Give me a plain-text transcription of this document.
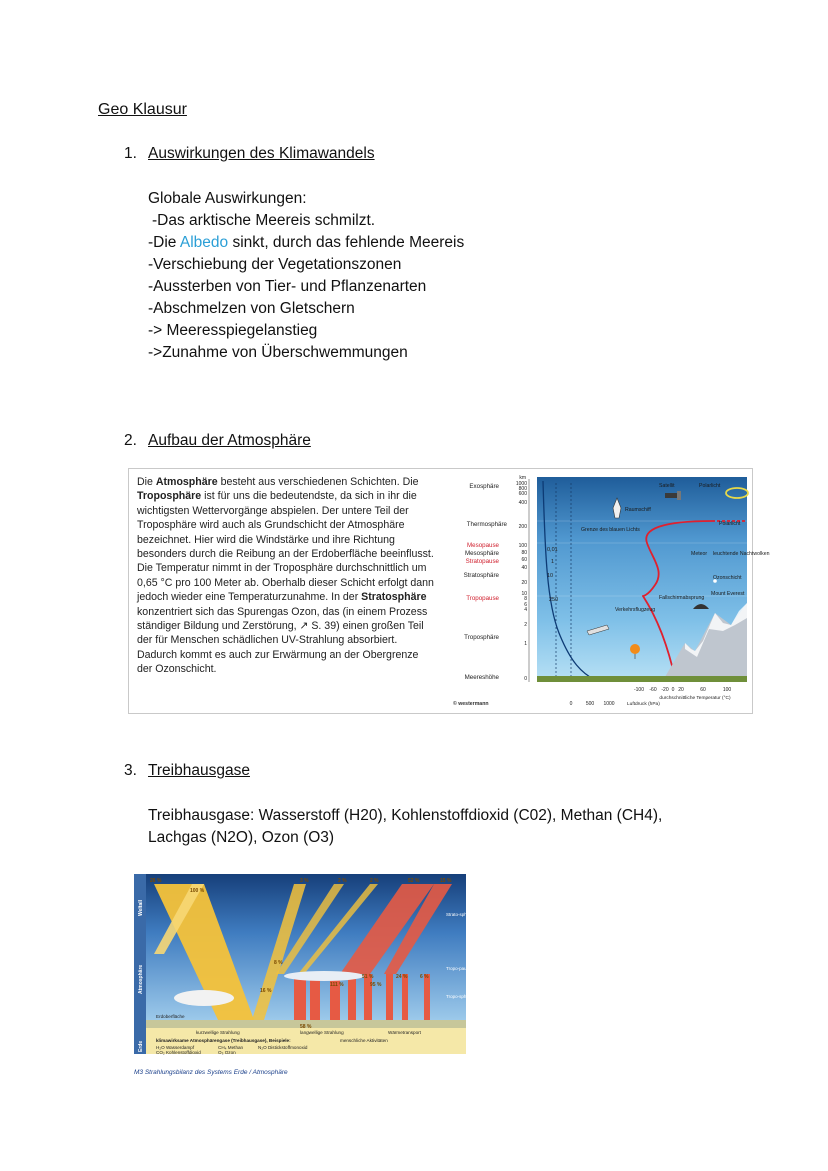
Geo Klausur
1. Auswirkungen des Klimawandels
Globale Auswirkungen:
-Das arktische Meereis schmilzt.
-Die Albedo sinkt, durch das fehlende Meereis
-Verschiebung der Vegetationszonen
-Aussterben von Tier- und Pflanzenarten
-Abschmelzen von Gletschern
-> Meeresspiegelanstieg
->Zunahme von Überschwemmungen
2. Aufbau der Atmosphäre
Die Atmosphäre besteht aus verschiedenen Schichten. Die Troposphäre ist für uns die bedeutendste, da sich in ihr die wichtigsten Wettervorgänge abspielen. Der untere Teil der Troposphäre wird auch als Grundschicht der Atmosphäre bezeichnet. Hier wird die Windstärke und ihre Richtung besonders durch die Reibung an der Erdoberfläche beeinflusst.
Die Temperatur nimmt in der Troposphäre durchschnittlich um 0,65 °C pro 100 Meter ab. Oberhalb dieser Schicht erfolgt dann jedoch wieder eine Temperaturzunahme. In der Stratosphäre konzentriert sich das Spurengas Ozon, das (in einem Prozess ständiger Bildung und Zerstörung, ↗ S. 39) einen großen Teil der für Menschen schädlichen UV-Strahlung absorbiert. Dadurch kommt es auch zur Erwärmung an der Obergrenze der Ozonschicht.
Exosphäre
Thermosphäre
Mesopause
Mesosphäre
Stratopause
Stratosphäre
Tropopause
Troposphäre
Meereshöhe
km
1000
800
600
400
200
100
80
60
40
20
10
8
6
4
2
1
0
0,01
1
10
250
Satellit	Polarlicht
Raumschiff
Polarlicht
Grenze des blauen Lichts
Meteor leuchtende Nachtwolken
Ozonschicht
Fallschirmabsprung
Mount Everest
Verkehrsflugzeug
0	500 1000	Luftdruck (hPa)
-100 -60 -20 0 20	60	100
durchschnittliche Temperatur (°C)
© westermann
3. Treibhausgase
Treibhausgase: Wasserstoff (H20), Kohlenstoffdioxid (C02), Methan (CH4),
Lachgas (N2O), Ozon (O3)
26 %
100 %
3 %	2 %	2 %	52 %	15 %
8 %
16 %
58 %
51 %	24 %	6 %
111 %	95 %
Weltall
Atmosphäre
Erde
Strato-sphäre
Tropo-pause
Tropo-sphäre
Erdoberfläche
kurzwellige Strahlung	langwellige Strahlung	Wärmetransport
klimawirksame Atmosphärengase (Treibhausgase), Beispiele:	menschliche Aktivitäten
H₂O Wasserdampf
CO₂ Kohlenstoffdioxid
CH₄ Methan
O₃ Ozon
N₂O Distickstoffmonoxid
M3 Strahlungsbilanz des Systems Erde / Atmosphäre
